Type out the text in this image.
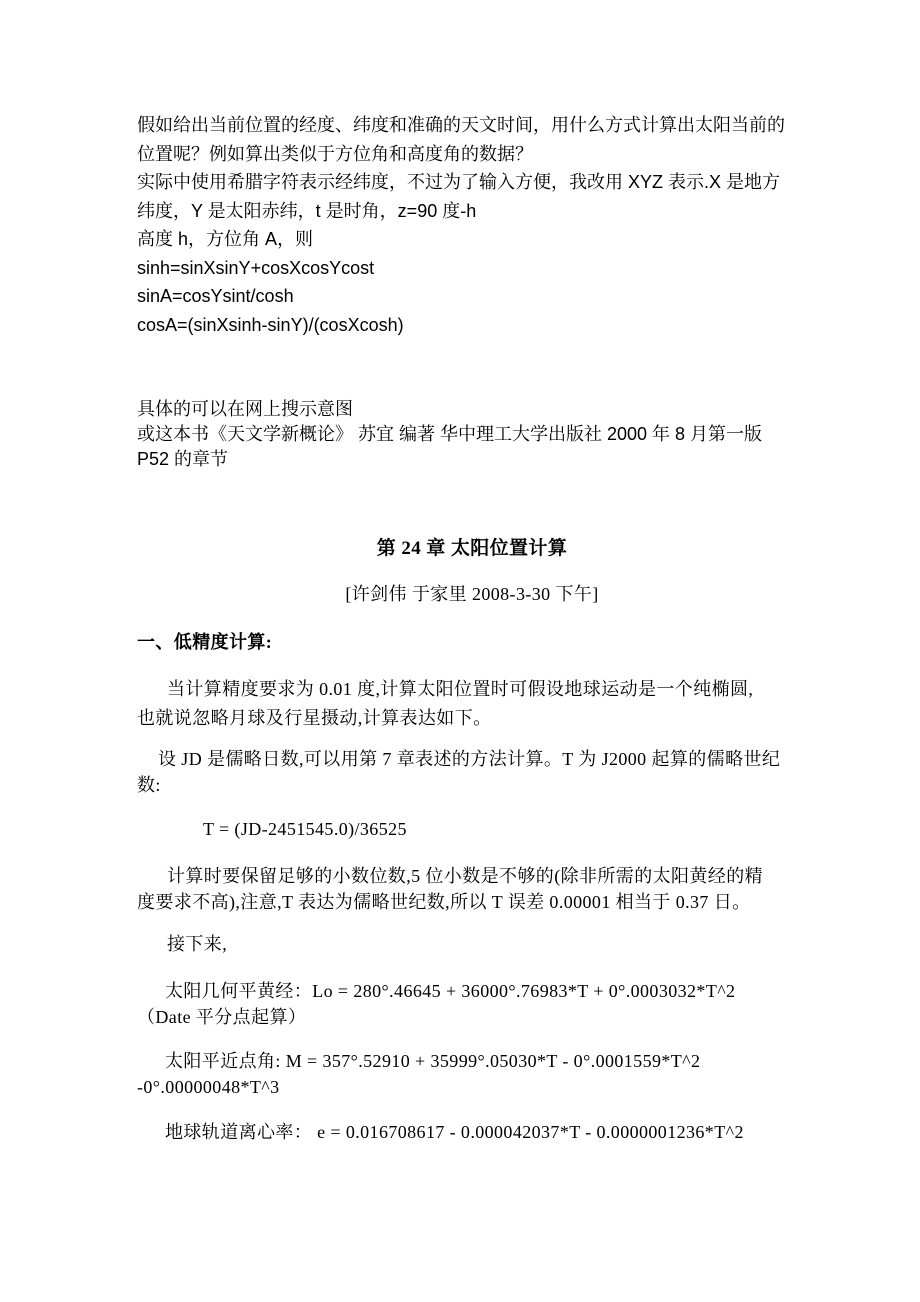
假如给出当前位置的经度、纬度和准确的天文时间，用什么方式计算出太阳当前的
位置呢？例如算出类似于方位角和高度角的数据？
实际中使用希腊字符表示经纬度，不过为了输入方便，我改用 XYZ 表示.X 是地方
纬度，Y 是太阳赤纬，t 是时角，z=90 度-h
高度 h，方位角 A，则
sinh=sinXsinY+cosXcosYcost
sinA=cosYsint/cosh
cosA=(sinXsinh-sinY)/(cosXcosh)
具体的可以在网上搜示意图
或这本书《天文学新概论》 苏宜 编著 华中理工大学出版社 2000 年 8 月第一版
P52 的章节
第 24 章 太阳位置计算
[许剑伟 于家里 2008-3-30 下午]
一、低精度计算:
当计算精度要求为 0.01 度,计算太阳位置时可假设地球运动是一个纯椭圆,
也就说忽略月球及行星摄动,计算表达如下。
设 JD 是儒略日数,可以用第 7 章表述的方法计算。T 为 J2000 起算的儒略世纪
数:
T = (JD-2451545.0)/36525
计算时要保留足够的小数位数,5 位小数是不够的(除非所需的太阳黄经的精
度要求不高),注意,T 表达为儒略世纪数,所以 T 误差 0.00001 相当于 0.37 日。
接下来,
太阳几何平黄经：Lo = 280°.46645 + 36000°.76983*T + 0°.0003032*T^2
（Date 平分点起算）
太阳平近点角: M = 357°.52910 + 35999°.05030*T - 0°.0001559*T^2
-0°.00000048*T^3
地球轨道离心率： e = 0.016708617 - 0.000042037*T - 0.0000001236*T^2
